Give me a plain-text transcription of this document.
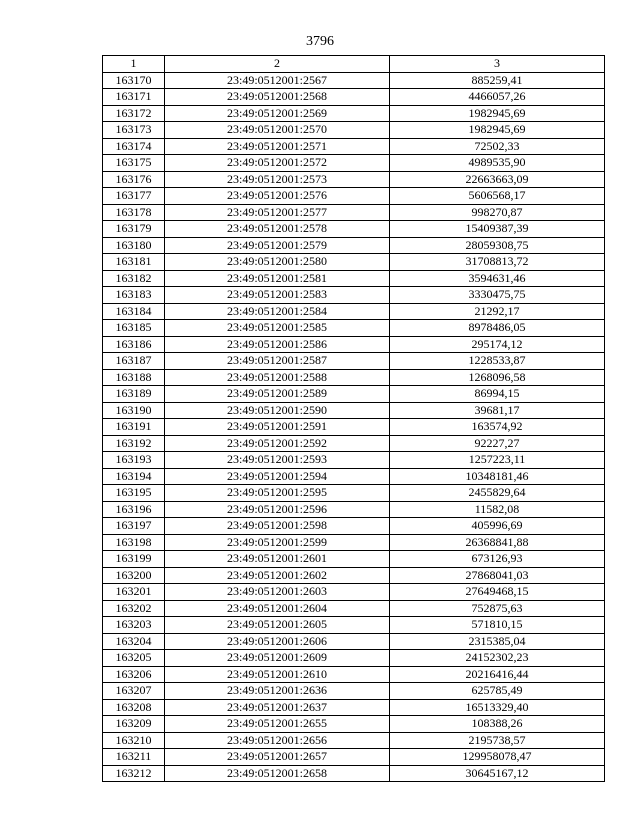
3796
1	2	3
163170	23:49:0512001:2567	885259,41
163171	23:49:0512001:2568	4466057,26
163172	23:49:0512001:2569	1982945,69
163173	23:49:0512001:2570	1982945,69
163174	23:49:0512001:2571	72502,33
163175	23:49:0512001:2572	4989535,90
163176	23:49:0512001:2573	22663663,09
163177	23:49:0512001:2576	5606568,17
163178	23:49:0512001:2577	998270,87
163179	23:49:0512001:2578	15409387,39
163180	23:49:0512001:2579	28059308,75
163181	23:49:0512001:2580	31708813,72
163182	23:49:0512001:2581	3594631,46
163183	23:49:0512001:2583	3330475,75
163184	23:49:0512001:2584	21292,17
163185	23:49:0512001:2585	8978486,05
163186	23:49:0512001:2586	295174,12
163187	23:49:0512001:2587	1228533,87
163188	23:49:0512001:2588	1268096,58
163189	23:49:0512001:2589	86994,15
163190	23:49:0512001:2590	39681,17
163191	23:49:0512001:2591	163574,92
163192	23:49:0512001:2592	92227,27
163193	23:49:0512001:2593	1257223,11
163194	23:49:0512001:2594	10348181,46
163195	23:49:0512001:2595	2455829,64
163196	23:49:0512001:2596	11582,08
163197	23:49:0512001:2598	405996,69
163198	23:49:0512001:2599	26368841,88
163199	23:49:0512001:2601	673126,93
163200	23:49:0512001:2602	27868041,03
163201	23:49:0512001:2603	27649468,15
163202	23:49:0512001:2604	752875,63
163203	23:49:0512001:2605	571810,15
163204	23:49:0512001:2606	2315385,04
163205	23:49:0512001:2609	24152302,23
163206	23:49:0512001:2610	20216416,44
163207	23:49:0512001:2636	625785,49
163208	23:49:0512001:2637	16513329,40
163209	23:49:0512001:2655	108388,26
163210	23:49:0512001:2656	2195738,57
163211	23:49:0512001:2657	129958078,47
163212	23:49:0512001:2658	30645167,12
